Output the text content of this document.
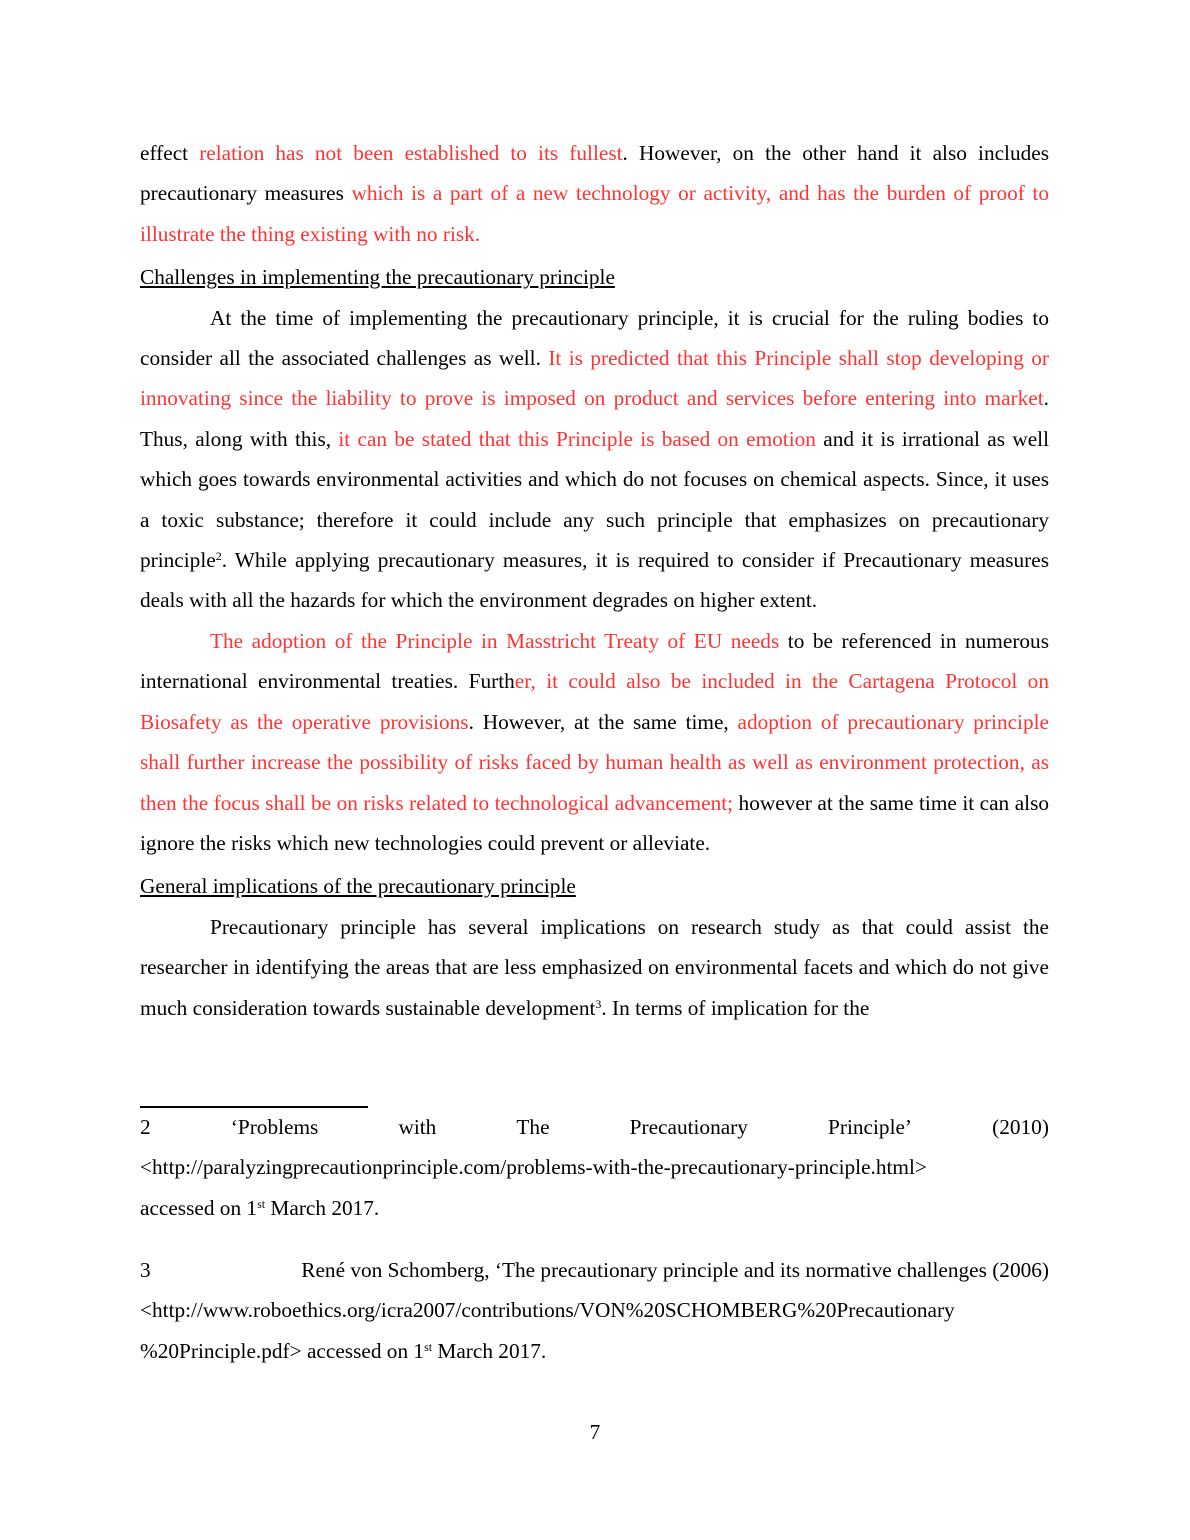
effect relation has not been established to its fullest. However, on the other hand it also includes precautionary measures which is a part of a new technology or activity, and has the burden of proof to illustrate the thing existing with no risk.

Challenges in implementing the precautionary principle

At the time of implementing the precautionary principle, it is crucial for the ruling bodies to consider all the associated challenges as well. It is predicted that this Principle shall stop developing or innovating since the liability to prove is imposed on product and services before entering into market. Thus, along with this, it can be stated that this Principle is based on emotion and it is irrational as well which goes towards environmental activities and which do not focuses on chemical aspects. Since, it uses a toxic substance; therefore it could include any such principle that emphasizes on precautionary principle$^2$. While applying precautionary measures, it is required to consider if Precautionary measures deals with all the hazards for which the environment degrades on higher extent.

The adoption of the Principle in Masstricht Treaty of EU needs to be referenced in numerous international environmental treaties. Further, it could also be included in the Cartagena Protocol on Biosafety as the operative provisions. However, at the same time, adoption of precautionary principle shall further increase the possibility of risks faced by human health as well as environment protection, as then the focus shall be on risks related to technological advancement; however at the same time it can also ignore the risks which new technologies could prevent or alleviate.

General implications of the precautionary principle

Precautionary principle has several implications on research study as that could assist the researcher in identifying the areas that are less emphasized on environmental facets and which do not give much consideration towards sustainable development$^3$. In terms of implication for the

2	‘Problems	with	The	Precautionary	Principle’	(2010)
<http://paralyzingprecautionprinciple.com/problems-with-the-precautionary-principle.html>
accessed on 1st March 2017.
3	René von Schomberg, ‘The precautionary principle and its normative challenges (2006)
<http://www.roboethics.org/icra2007/contributions/VON%20SCHOMBERG%20Precautionary
%20Principle.pdf> accessed on 1st March 2017.
7
